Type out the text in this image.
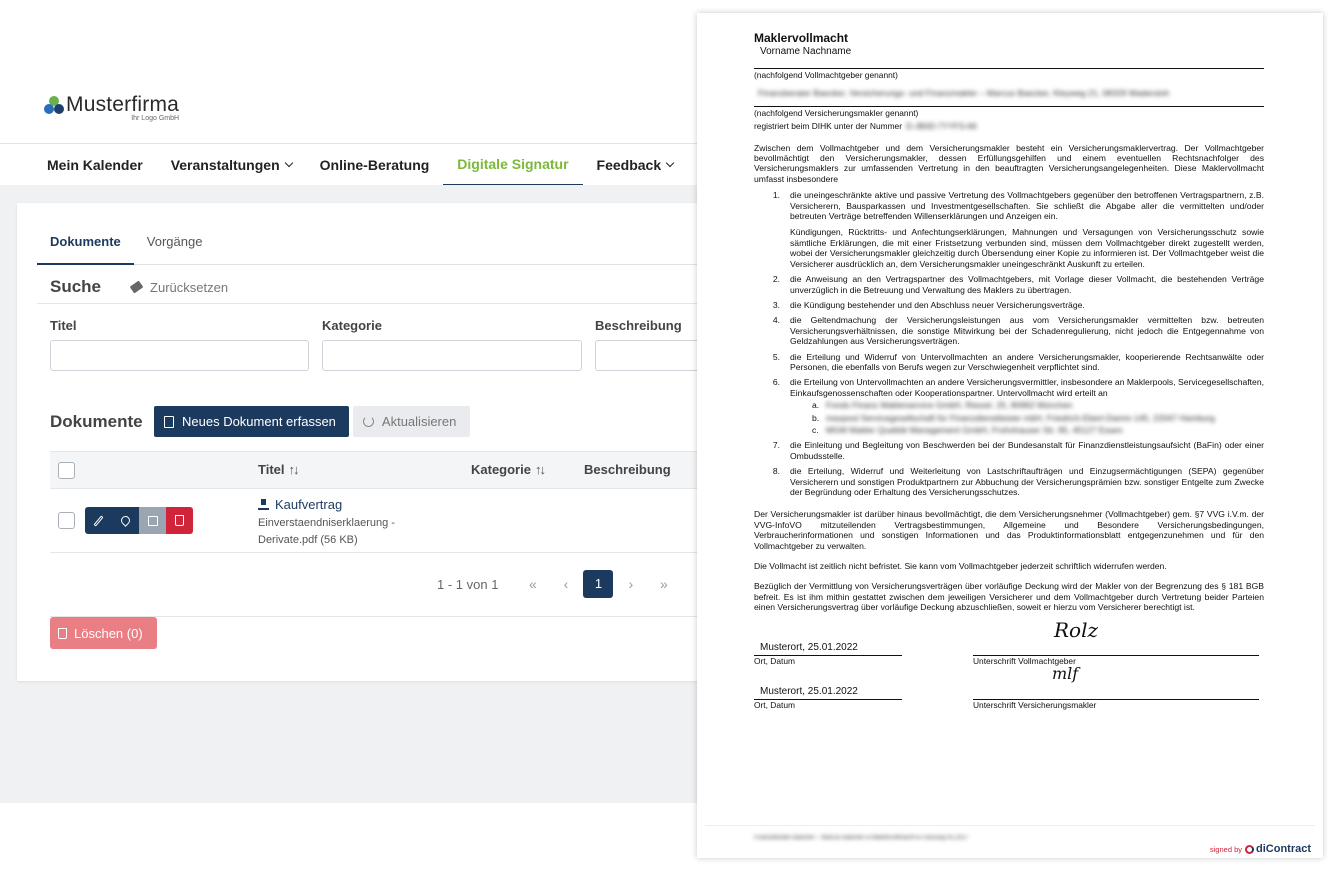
Musterfirma
Ihr Logo GmbH
Mein Kalender Veranstaltungen	Online-Beratung Digitale Signatur Feedback
Dokumente	Vorgänge
Suche	Zurücksetzen
Titel	Kategorie	Beschreibung
Dokumente	Neues Dokument erfassen	Aktualisieren
Titel ↑↓	Kategorie ↑↓	Beschreibung
Kaufvertrag
Einverstaendniserklaerung - Derivate.pdf (56 KB)
1 - 1 von 1	«	‹	1	›	»
Löschen (0)
Maklervollmacht
Vorname Nachname
(nachfolgend Vollmachtgeber genannt)
Finanzberater Baecker, Versicherungs- und Finanzmakler – Marcus Baecker, Kleyweg 21, 08329 Wadersloh
(nachfolgend Versicherungsmakler genannt)
registriert beim DIHK unter der Nummer D-JB0D-7YYFS-66
Zwischen dem Vollmachtgeber und dem Versicherungsmakler besteht ein Versicherungsmaklervertrag. Der Vollmachtgeber bevollmächtigt den Versicherungsmakler, dessen Erfüllungsgehilfen und einem eventuellen Rechtsnachfolger des Versicherungsmaklers zur umfassenden Vertretung in den beauftragten Versicherungsangelegenheiten. Diese Maklervollmacht umfasst insbesondere
1.	die uneingeschränkte aktive und passive Vertretung des Vollmachtgebers gegenüber den betroffenen Vertragspartnern, z.B. Versicherern, Bausparkassen und Investmentgesellschaften. Sie schließt die Abgabe aller die vermittelten und/oder betreuten Verträge betreffenden Willenserklärungen und Anzeigen ein.
Kündigungen, Rücktritts- und Anfechtungserklärungen, Mahnungen und Versagungen von Versicherungsschutz sowie sämtliche Erklärungen, die mit einer Fristsetzung verbunden sind, müssen dem Vollmachtgeber direkt zugestellt werden, wobei der Versicherungsmakler gleichzeitig durch Übersendung einer Kopie zu informieren ist. Der Vollmachtgeber weist die Versicherer ausdrücklich an, dem Versicherungsmakler uneingeschränkt Auskunft zu erteilen.
2.	die Anweisung an den Vertragspartner des Vollmachtgebers, mit Vorlage dieser Vollmacht, die bestehenden Verträge unverzüglich in die Betreuung und Verwaltung des Maklers zu übertragen.
3.	die Kündigung bestehender und den Abschluss neuer Versicherungsverträge.
4.	die Geltendmachung der Versicherungsleistungen aus vom Versicherungsmakler vermittelten bzw. betreuten Versicherungsverhältnissen, die sonstige Mitwirkung bei der Schadenregulierung, nicht jedoch die Entgegennahme von Geldzahlungen aus Versicherungsverträgen.
5.	die Erteilung und Widerruf von Untervollmachten an andere Versicherungsmakler, kooperierende Rechtsanwälte oder Personen, die ebenfalls von Berufs wegen zur Verschwiegenheit verpflichtet sind.
6.	die Erteilung von Untervollmachten an andere Versicherungsvermittler, insbesondere an Maklerpools, Servicegesellschaften, Einkaufsgenossenschaften oder Kooperationspartner. Untervollmacht wird erteilt an
a. Fonds Finanz Maklerservice GmbH, Riesstr. 25, 80992 München
b. maxpool Servicegesellschaft für Finanzdienstleister mbH, Friedrich-Ebert-Damm 145, 22047 Hamburg
c. MGM Makler Qualität Management GmbH, Frohnhauser Str. 95, 45127 Essen
7.	die Einleitung und Begleitung von Beschwerden bei der Bundesanstalt für Finanzdienstleistungsaufsicht (BaFin) oder einer Ombudsstelle.
8.	die Erteilung, Widerruf und Weiterleitung von Lastschriftaufträgen und Einzugsermächtigungen (SEPA) gegenüber Versicherern und sonstigen Produktpartnern zur Abbuchung der Versicherungsprämien bzw. sonstiger Entgelte zum Zwecke der Begründung oder Erhaltung des Versicherungsschutzes.
Der Versicherungsmakler ist darüber hinaus bevollmächtigt, die dem Versicherungsnehmer (Vollmachtgeber) gem. §7 VVG i.V.m. der VVG-InfoVO mitzuteilenden Vertragsbestimmungen, Allgemeine und Besondere Versicherungsbedingungen, Verbraucherinformationen und sonstigen Informationen und das Produktinformationsblatt entgegenzunehmen und für den Vollmachtgeber zu verwalten.
Die Vollmacht ist zeitlich nicht befristet. Sie kann vom Vollmachtgeber jederzeit schriftlich widerrufen werden.
Bezüglich der Vermittlung von Versicherungsverträgen über vorläufige Deckung wird der Makler von der Begrenzung des § 181 BGB befreit. Es ist ihm mithin gestattet zwischen dem jeweiligen Versicherer und dem Vollmachtgeber durch Vertretung beider Parteien einen Versicherungsvertrag über vorläufige Deckung abzuschließen, soweit er hierzu vom Versicherer berechtigt ist.
Musterort, 25.01.2022
Ort, Datum	Unterschrift Vollmachtgeber
Rolz
Musterort, 25.01.2022
Ort, Datum	Unterschrift Versicherungsmakler
mlf
Finanzberater Baecker – Marcus Baecker ● Maklervollmacht ● Fassung 05.2017
signed by diContract
